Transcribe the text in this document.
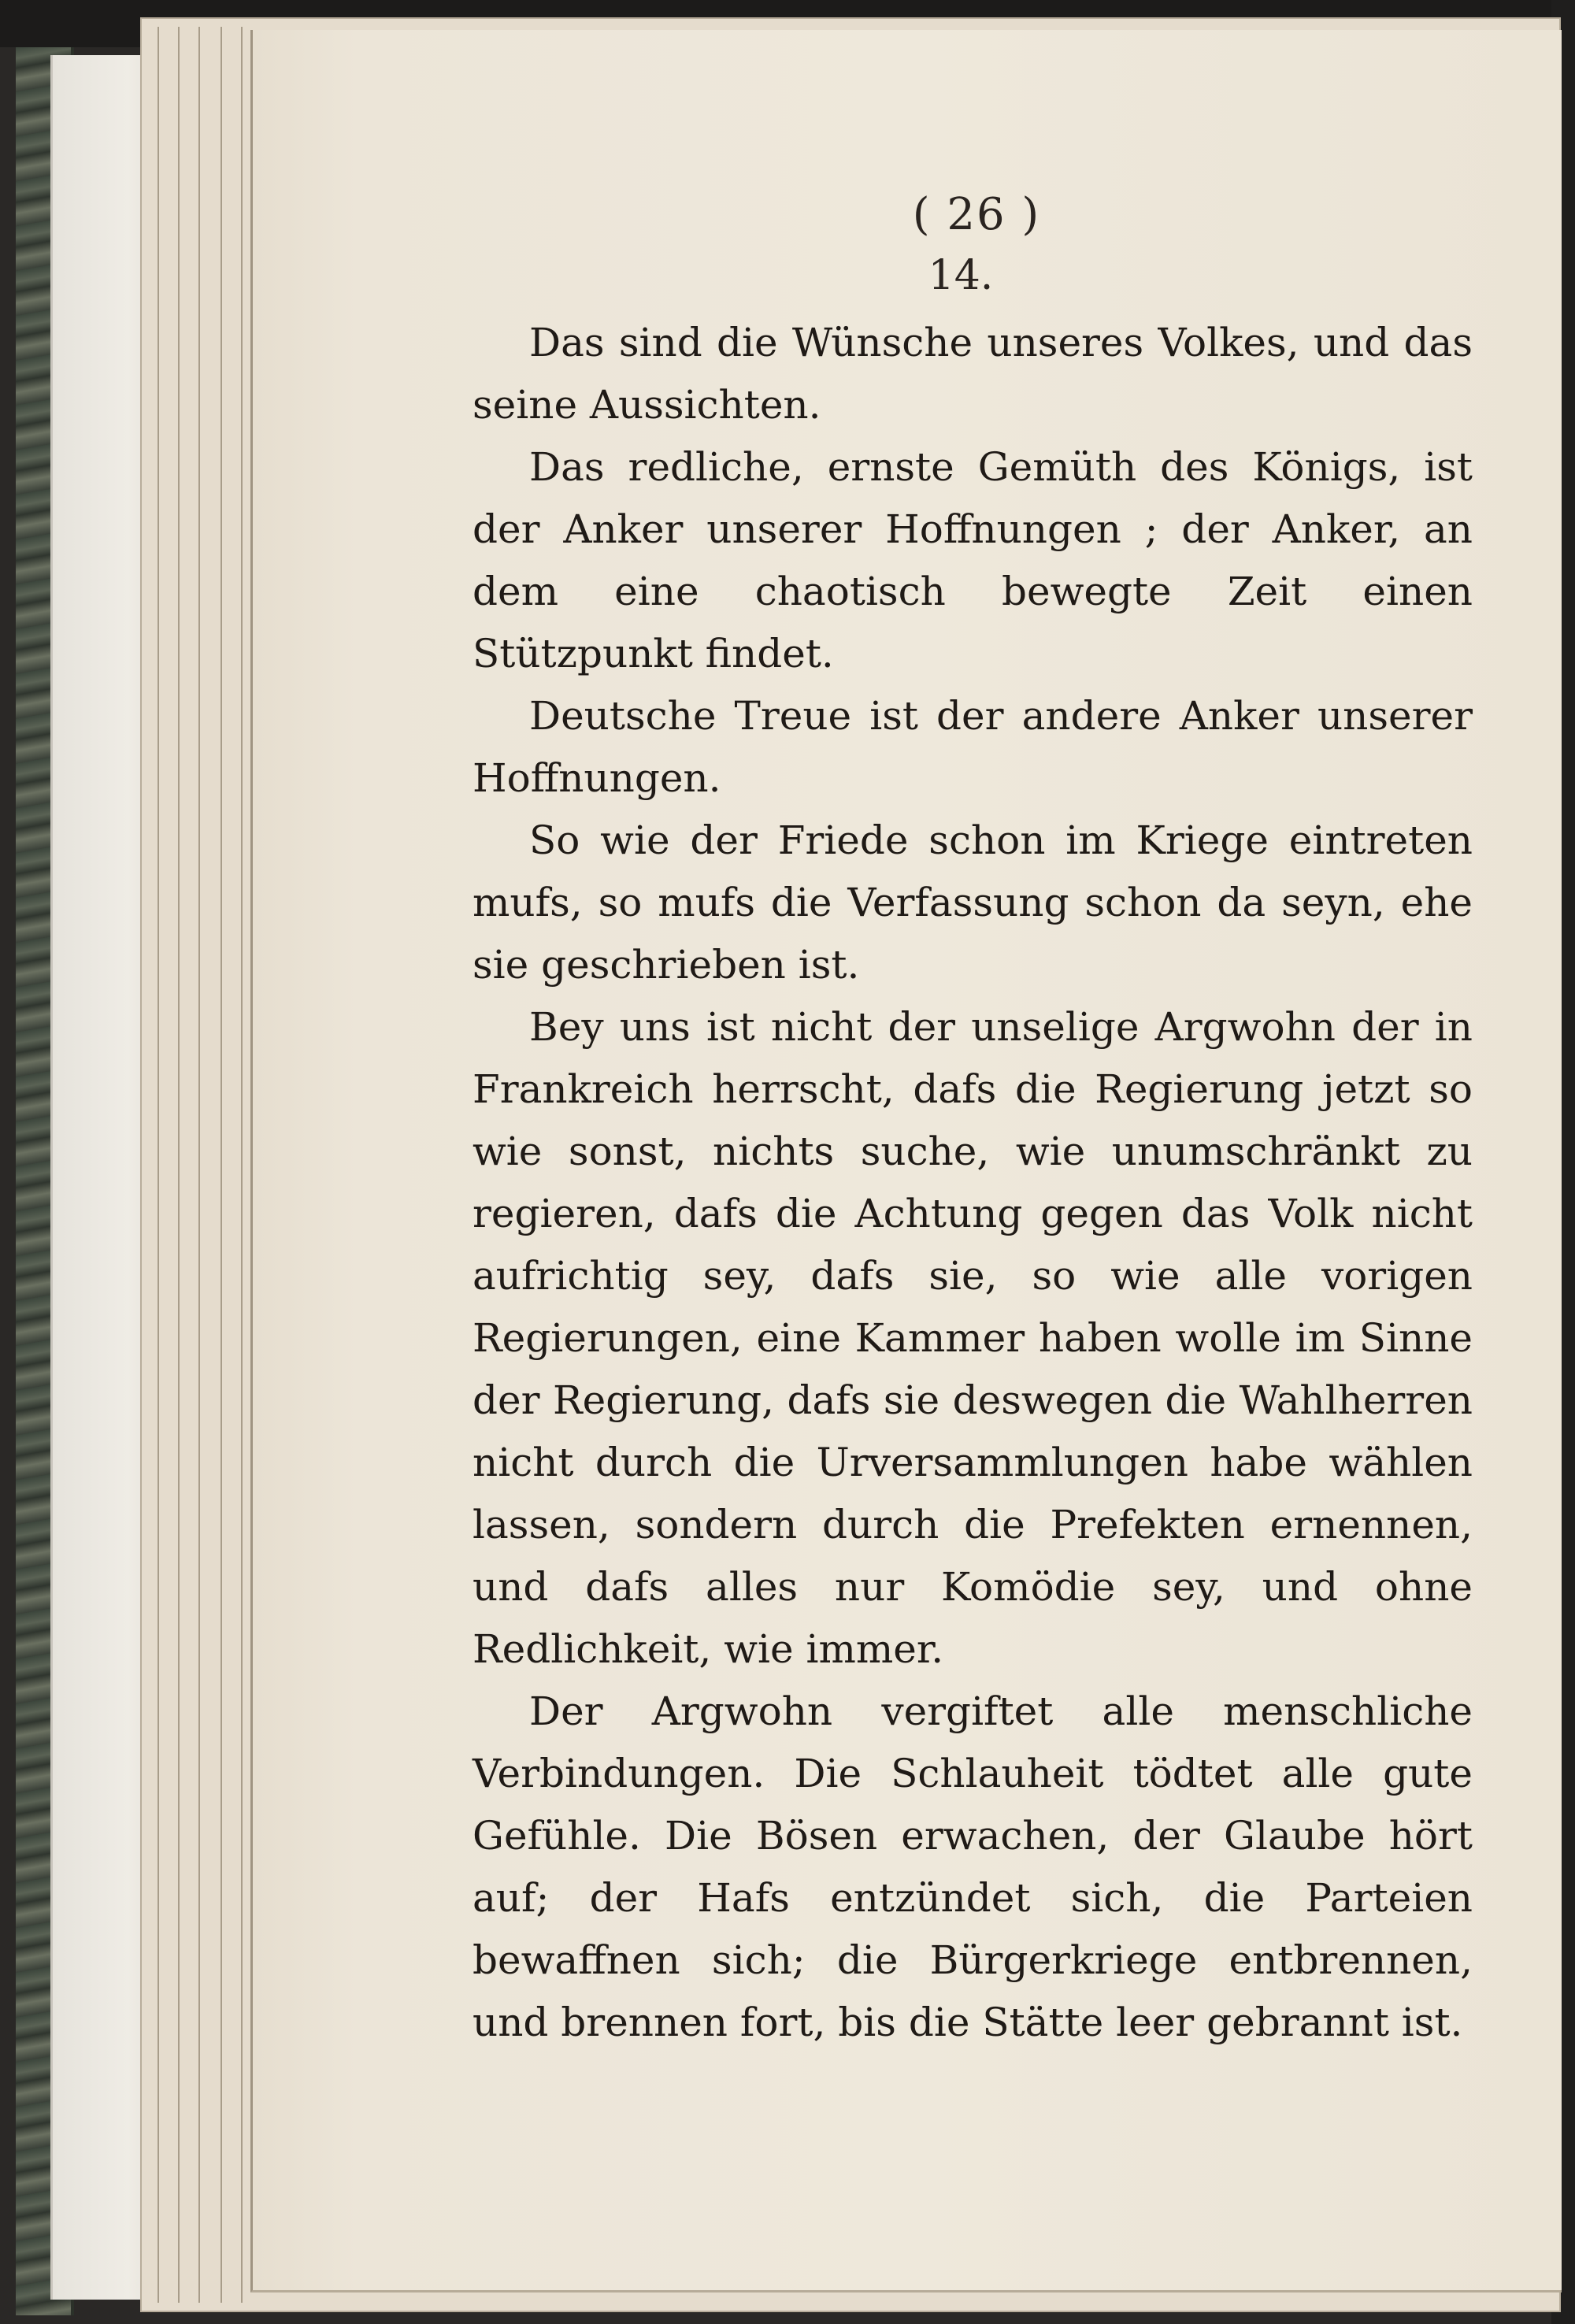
( 26 )
14.

Das sind die Wünsche unseres Volkes, und das seine Aussichten.

Das redliche, ernste Gemüth des Königs, ist der Anker unserer Hoffnungen ; der Anker, an dem eine chaotisch bewegte Zeit einen Stützpunkt findet.

Deutsche Treue ist der andere Anker unserer Hoffnungen.

So wie der Friede schon im Kriege eintreten mufs, so mufs die Verfassung schon da seyn, ehe sie geschrieben ist.

Bey uns ist nicht der unselige Argwohn der in Frankreich herrscht, dafs die Regierung jetzt so wie sonst, nichts suche, wie unumschränkt zu regieren, dafs die Achtung gegen das Volk nicht aufrichtig sey, dafs sie, so wie alle vorigen Regierungen, eine Kammer haben wolle im Sinne der Regierung, dafs sie deswegen die Wahlherren nicht durch die Urversammlungen habe wählen lassen, sondern durch die Prefekten ernennen, und dafs alles nur Komödie sey, und ohne Redlichkeit, wie immer.

Der Argwohn vergiftet alle menschliche Verbindungen. Die Schlauheit tödtet alle gute Gefühle. Die Bösen erwachen, der Glaube hört auf; der Hafs entzündet sich, die Parteien bewaffnen sich; die Bürgerkriege entbrennen, und brennen fort, bis die Stätte leer gebrannt ist.
